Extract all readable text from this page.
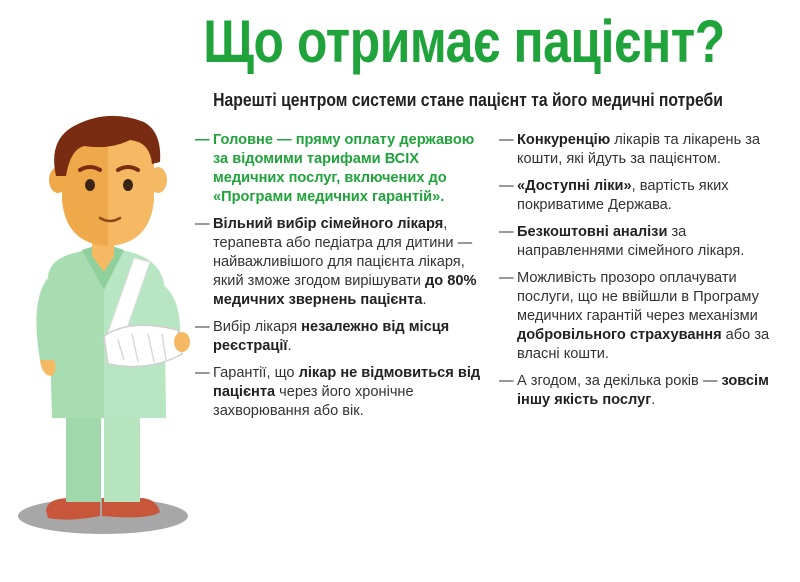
Що отримає пацієнт?
Нарешті центром системи стане пацієнт та його медичні потреби

— Головне — пряму оплату державою за відомими тарифами ВСІХ медичних послуг, включених до «Програми медичних гарантій».

— Вільний вибір сімейного лікаря, терапевта або педіатра для дитини — найважливішого для пацієнта лікаря, який зможе згодом вирішувати до 80% медичних звернень пацієнта.

— Вибір лікаря незалежно від місця реєстрації.

— Гарантії, що лікар не відмовиться від пацієнта через його хронічне захворювання або вік.

— Конкуренцію лікарів та лікарень за кошти, які йдуть за пацієнтом.

— «Доступні ліки», вартість яких покриватиме Держава.

— Безкоштовні аналізи за направленнями сімейного лікаря.

— Можливість прозоро оплачувати послуги, що не ввійшли в Програму медичних гарантій через механізми добровільного страхування або за власні кошти.

— А згодом, за декілька років — зовсім іншу якість послуг.
